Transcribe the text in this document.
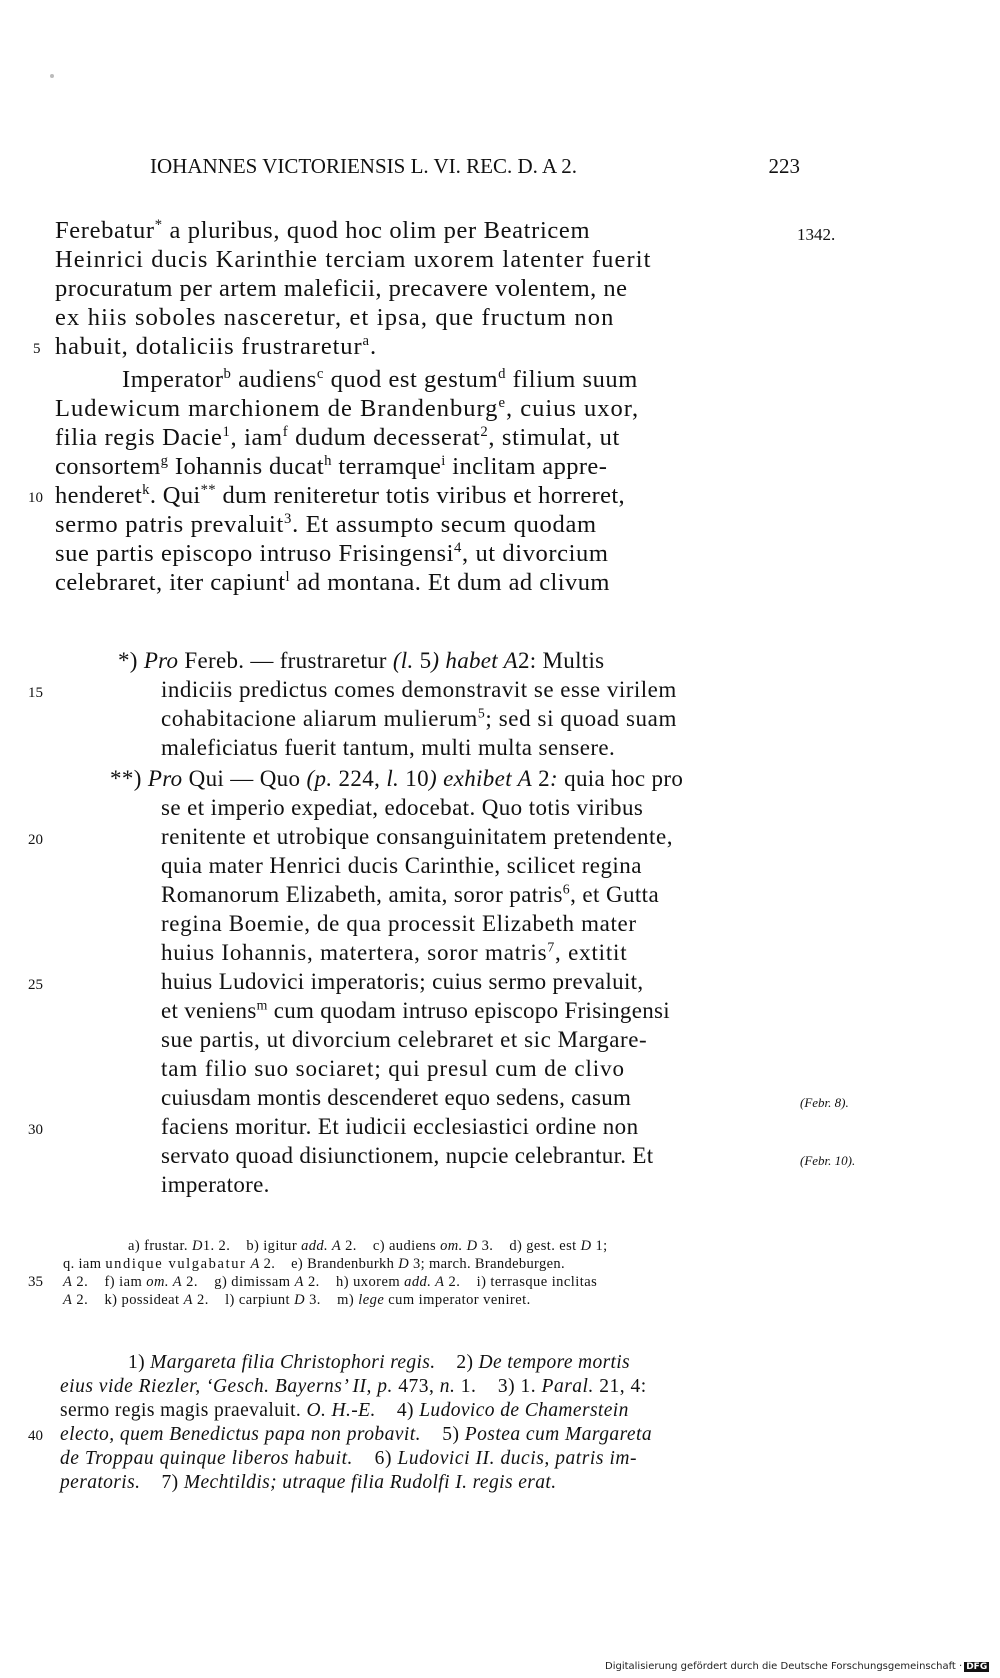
IOHANNES VICTORIENSIS L. VI. REC. D. A 2.	223
Ferebatur* a pluribus, quod hoc olim per Beatricem
Heinrici ducis Karinthie terciam uxorem latenter fuerit
procuratum per artem maleficii, precavere volentem, ne
ex hiis soboles nasceretur, et ipsa, que fructum non
habuit, dotaliciis frustraretur$^a$.
Imperator$^b$ audiens$^c$ quod est gestum$^d$ filium suum
Ludewicum marchionem de Brandenburg$^e$, cuius uxor,
filia regis Dacie$^1$, iam$^f$ dudum decesserat$^2$, stimulat, ut
consortem$^g$ Iohannis ducat$^h$ terramque$^i$ inclitam appre-
henderet$^k$. Qui** dum reniteretur totis viribus et horreret,
sermo patris prevaluit$^3$. Et assumpto secum quodam
sue partis episcopo intruso Frisingensi$^4$, ut divorcium
celebraret, iter capiunt$^l$ ad montana. Et dum ad clivum
*) Pro Fereb. — frustraretur (l. 5) habet A2: Multis
indiciis predictus comes demonstravit se esse virilem
cohabitacione aliarum mulierum$^5$; sed si quoad suam
maleficiatus fuerit tantum, multi multa sensere.
**) Pro Qui — Quo (p. 224, l. 10) exhibet A 2: quia hoc pro
se et imperio expediat, edocebat. Quo totis viribus
renitente et utrobique consanguinitatem pretendente,
quia mater Henrici ducis Carinthie, scilicet regina
Romanorum Elizabeth, amita, soror patris$^6$, et Gutta
regina Boemie, de qua processit Elizabeth mater
huius Iohannis, matertera, soror matris$^7$, extitit
huius Ludovici imperatoris; cuius sermo prevaluit,
et veniens$^m$ cum quodam intruso episcopo Frisingensi
sue partis, ut divorcium celebraret et sic Margare-
tam filio suo sociaret; qui presul cum de clivo
cuiusdam montis descenderet equo sedens, casum
faciens moritur. Et iudicii ecclesiastici ordine non
servato quoad disiunctionem, nupcie celebrantur. Et
imperatore.
a) frustar. D1. 2.    b) igitur add. A 2.    c) audiens om. D 3.    d) gest. est D 1;
q. iam undique vulgabatur A 2.    e) Brandenburkh D 3; march. Brandeburgen.
A 2.    f) iam om. A 2.    g) dimissam A 2.    h) uxorem add. A 2.    i) terrasque inclitas
A 2.    k) possideat A 2.    l) carpiunt D 3.    m) lege cum imperator veniret.
1) Margareta filia Christophori regis.    2) De tempore mortis
eius vide Riezler, ‘Gesch. Bayerns’ II, p. 473, n. 1.    3) 1. Paral. 21, 4:
sermo regis magis praevaluit. O. H.-E.    4) Ludovico de Chamerstein
electo, quem Benedictus papa non probavit.    5) Postea cum Margareta
de Troppau quinque liberos habuit.    6) Ludovici II. ducis, patris im-
peratoris.    7) Mechtildis; utraque filia Rudolfi I. regis erat.
1342.
(Febr. 8).
(Febr. 10).
5
10
15
20
25
30
35
40
Digitalisierung gefördert durch die Deutsche Forschungsgemeinschaft · DFG
